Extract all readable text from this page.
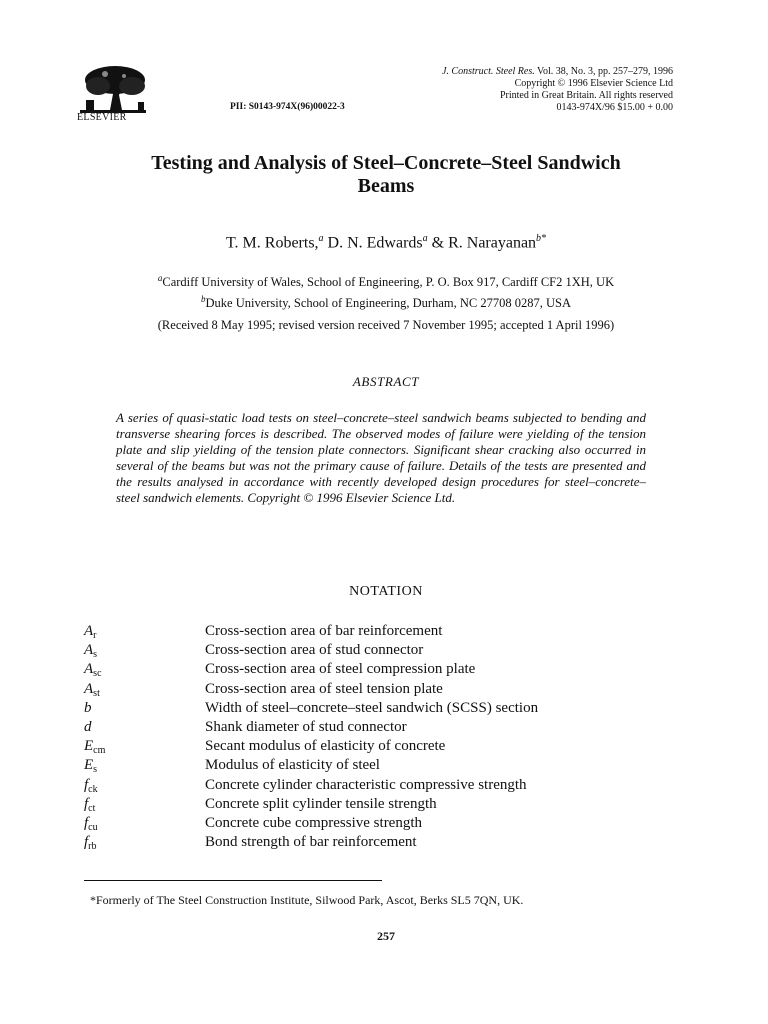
ELSEVIER
PII: S0143-974X(96)00022-3
J. Construct. Steel Res. Vol. 38, No. 3, pp. 257–279, 1996
Copyright © 1996 Elsevier Science Ltd
Printed in Great Britain. All rights reserved
0143-974X/96 $15.00 + 0.00
Testing and Analysis of Steel–Concrete–Steel Sandwich
Beams
T. M. Roberts,$^a$ D. N. Edwards$^a$ & R. Narayanan$^{b*}$
$^a$Cardiff University of Wales, School of Engineering, P. O. Box 917, Cardiff CF2 1XH, UK
$^b$Duke University, School of Engineering, Durham, NC 27708 0287, USA
(Received 8 May 1995; revised version received 7 November 1995; accepted 1 April 1996)
ABSTRACT
A series of quasi-static load tests on steel–concrete–steel sandwich beams subjected to bending and transverse shearing forces is described. The observed modes of failure were yielding of the tension plate and slip yielding of the tension plate connectors. Significant shear cracking also occurred in several of the beams but was not the primary cause of failure. Details of the tests are presented and the results analysed in accordance with recently developed design procedures for steel–concrete–steel sandwich elements. Copyright © 1996 Elsevier Science Ltd.
NOTATION
$A_r$	Cross-section area of bar reinforcement
$A_s$	Cross-section area of stud connector
$A_{sc}$	Cross-section area of steel compression plate
$A_{st}$	Cross-section area of steel tension plate
b	Width of steel–concrete–steel sandwich (SCSS) section
d	Shank diameter of stud connector
$E_{cm}$	Secant modulus of elasticity of concrete
$E_s$	Modulus of elasticity of steel
$f_{ck}$	Concrete cylinder characteristic compressive strength
$f_{ct}$	Concrete split cylinder tensile strength
$f_{cu}$	Concrete cube compressive strength
$f_{rb}$	Bond strength of bar reinforcement
*Formerly of The Steel Construction Institute, Silwood Park, Ascot, Berks SL5 7QN, UK.
257
